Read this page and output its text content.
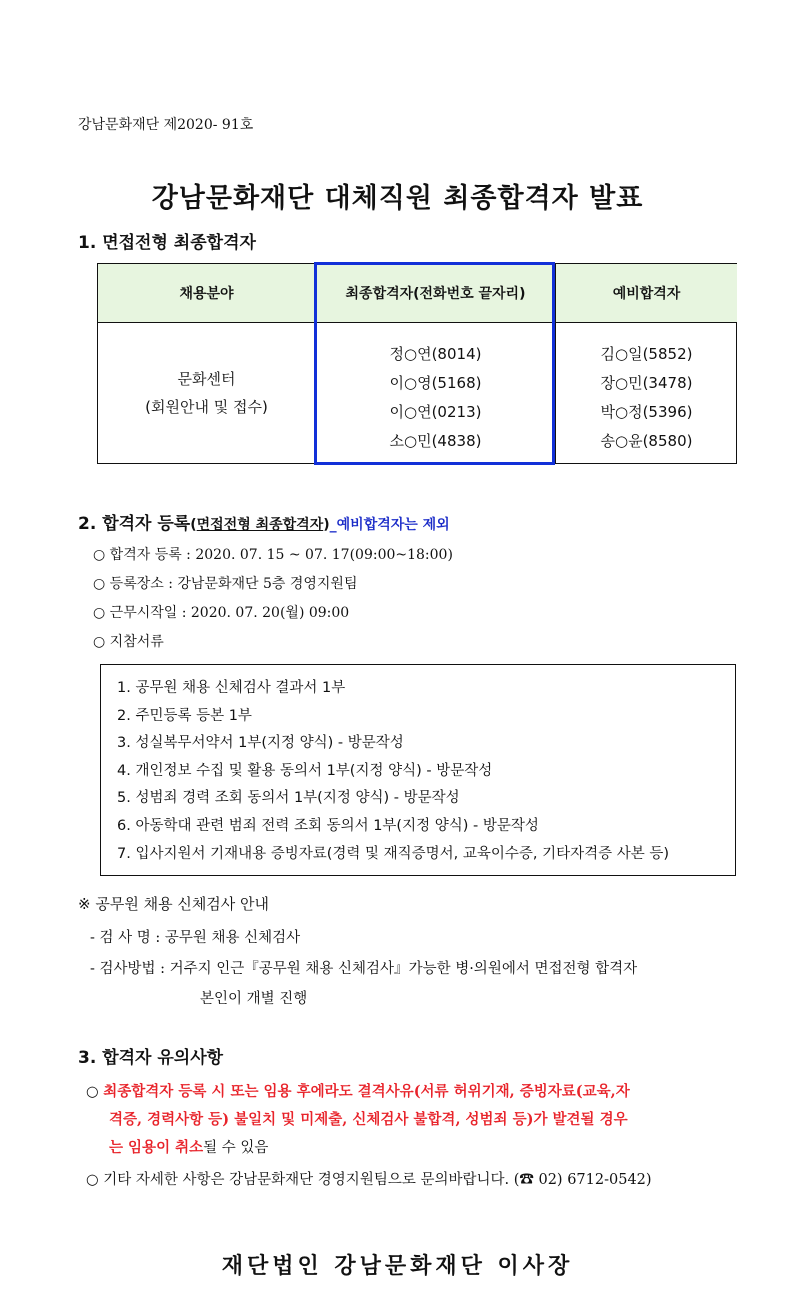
강남문화재단 제2020- 91호
강남문화재단 대체직원 최종합격자 발표
1. 면접전형 최종합격자
채용분야	최종합격자(전화번호 끝자리)	예비합격자
문화센터
(회원안내 및 접수)
정○연(8014)
이○영(5168)
이○연(0213)
소○민(4838)
김○일(5852)
장○민(3478)
박○정(5396)
송○윤(8580)
2. 합격자 등록(면접전형 최종합격자)_예비합격자는 제외
○ 합격자 등록 : 2020. 07. 15 ~ 07. 17(09:00~18:00)
○ 등록장소 : 강남문화재단 5층 경영지원팀
○ 근무시작일 : 2020. 07. 20(월) 09:00
○ 지참서류
1. 공무원 채용 신체검사 결과서 1부
2. 주민등록 등본 1부
3. 성실복무서약서 1부(지정 양식) - 방문작성
4. 개인정보 수집 및 활용 동의서 1부(지정 양식) - 방문작성
5. 성범죄 경력 조회 동의서 1부(지정 양식) - 방문작성
6. 아동학대 관련 범죄 전력 조회 동의서 1부(지정 양식) - 방문작성
7. 입사지원서 기재내용 증빙자료(경력 및 재직증명서, 교육이수증, 기타자격증 사본 등)
※ 공무원 채용 신체검사 안내
- 검 사 명 : 공무원 채용 신체검사
- 검사방법 : 거주지 인근『공무원 채용 신체검사』가능한 병·의원에서 면접전형 합격자
본인이 개별 진행
3. 합격자 유의사항
○ 최종합격자 등록 시 또는 임용 후에라도 결격사유(서류 허위기재, 증빙자료(교육,자
격증, 경력사항 등) 불일치 및 미제출, 신체검사 불합격, 성범죄 등)가 발견될 경우
는 임용이 취소될 수 있음
○ 기타 자세한 사항은 강남문화재단 경영지원팀으로 문의바랍니다. (☎ 02) 6712-0542)
재단법인 강남문화재단 이사장
